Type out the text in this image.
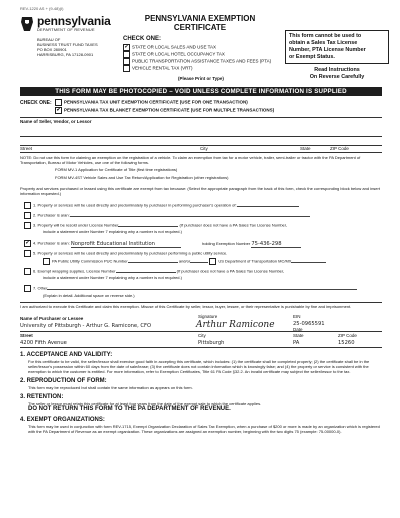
REV-1220 AS + (9-48)(I)
pennsylvania
DEPARTMENT OF REVENUE
BUREAU OF
BUSINESS TRUST FUND TAXES
PO BOX 280901
HARRISBURG, PA 17128-0901
PENNSYLVANIA EXEMPTION
CERTIFICATE
CHECK ONE:
✔ STATE OR LOCAL SALES AND USE TAX
STATE OR LOCAL HOTEL OCCUPANCY TAX
PUBLIC TRANSPORTATION ASSISTANCE TAXES AND FEES (PTA)
VEHICLE RENTAL TAX (VRT)
(Please Print or Type)
This form cannot be used to
obtain a Sales Tax License
Number, PTA License Number
or Exempt Status.
Read Instructions
On Reverse Carefully
THIS FORM MAY BE PHOTOCOPIED – VOID UNLESS COMPLETE INFORMATION IS SUPPLIED
CHECK ONE:	PENNSYLVANIA TAX UNIT EXEMPTION CERTIFICATE (USE FOR ONE TRANSACTION)
✔ PENNSYLVANIA TAX BLANKET EXEMPTION CERTIFICATE (USE FOR MULTIPLE TRANSACTIONS)
Name of Seller, Vendor, or Lessor
Street	City	State	ZIP Code
NOTE: Do not use this form for claiming an exemption on the registration of a vehicle. To claim an exemption from tax for a motor vehicle, trailer, semi-trailer or tractor with the PA Department of Transportation, Bureau of Motor Vehicles, use one of the following forms.
FORM MV-1 Application for Certificate of Title (first time registrations)
FORM MV-4ST Vehicle Sales and Use Tax Return/Application for Registration (other registrations)
Property and services purchased or leased using this certificate are exempt from tax because: (Select the appropriate paragraph from the back of this form, check the corresponding block below and insert information requested.)
1. Property or services will be used directly and predominately by purchaser in performing purchaser's operation of:
2. Purchaser is a/an:
3. Property will be resold under License Number	(If purchaser does not have a PA Sales Tax License Number,
include a statement under Number 7 explaining why a number is not required.)
✔ 4. Purchaser is a/an: Nonprofit Educational Institution	holding Exemption Number 75-436-298
5. Property or services will be used directly and predominately by purchaser performing a public utility service.
PA Public Utility Commission PUC Number	and/or	US Department of Transportation MC/MX
6. Exempt wrapping supplies, License Number	(If purchaser does not have a PA Sales Tax License Number,
include a statement under Number 7 explaining why a number is not required.)
7. Other
(Explain in detail. Additional space on reverse side.)
I am authorized to execute this Certificate and claim this exemption. Misuse of this Certificate by seller, lessor, buyer, lessee, or their representative is punishable by fine and imprisonment.
Name of Purchaser or Lessee	Signature	EIN
University of Pittsburgh - Arthur G. Ramicone, CFO	Arthur Ramicone	25-0965591
Date
Street	City	State	ZIP Code
4200 Fifth Avenue	Pittsburgh	PA	15260
1. ACCEPTANCE AND VALIDITY:
For this certificate to be valid, the seller/lessor shall exercise good faith in accepting this certificate, which includes: (1) the certificate shall be completed properly; (2) the certificate shall be in the seller/lessor's possession within 60 days from the date of sale/lease; (3) the certificate does not contain information which is knowingly false; and (4) the property or service is consistent with the exemption to which the customer is entitled. For more information, refer to Exemption Certificates, Title 61 PA Code §32.2. An invalid certificate may subject the seller/lessor to the tax.
2. REPRODUCTION OF FORM:
This form may be reproduced but shall contain the same information as appears on this form.
3. RETENTION:
The seller or lessor must retain this certificate for at least four years from the date of the exempt sale to which the certificate applies.
DO NOT RETURN THIS FORM TO THE PA DEPARTMENT OF REVENUE.
4. EXEMPT ORGANIZATIONS:
This form may be used in conjunction with form REV-1715, Exempt Organization Declaration of Sales Tax Exemption, when a purchase of $200 or more is made by an organization which is registered with the PA Department of Revenue as an exempt organization. These organizations are assigned an exemption number, beginning with the two digits 75 (example: 75-00000-0).
